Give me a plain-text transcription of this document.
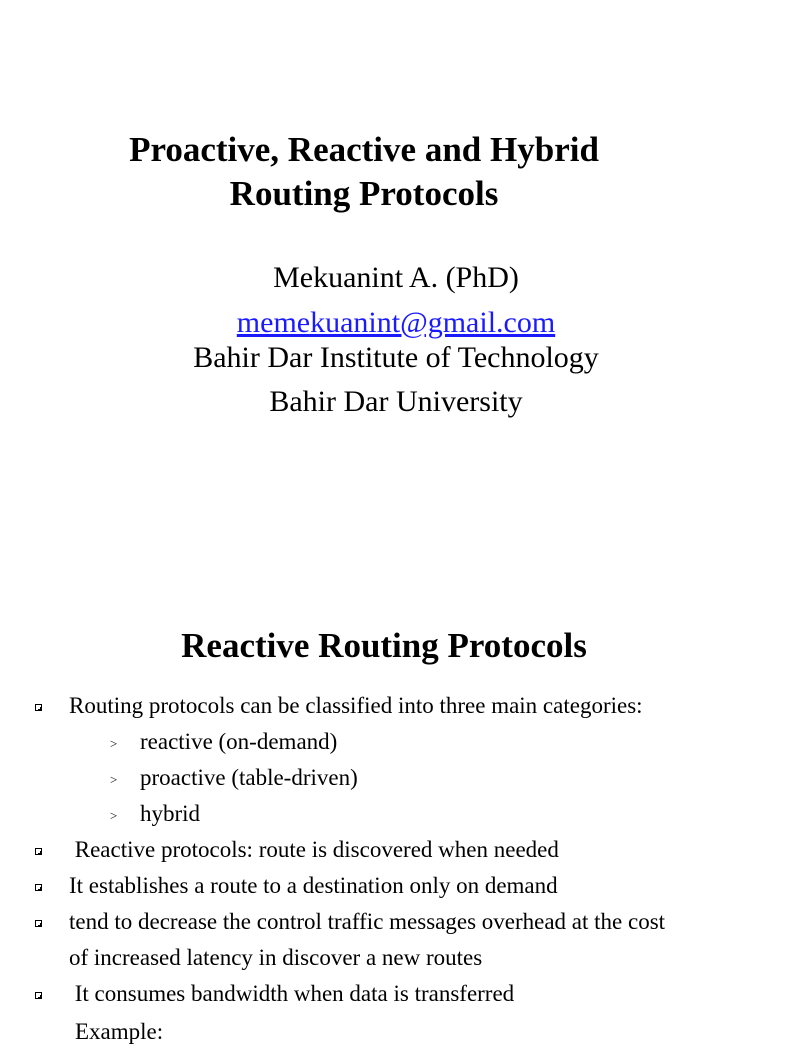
Proactive, Reactive and Hybrid
Routing Protocols
Mekuanint A. (PhD)
memekuanint@gmail.com
Bahir Dar Institute of Technology
Bahir Dar University
Reactive Routing Protocols
Routing protocols can be classified into three main categories:
> reactive (on-demand)
> proactive (table-driven)
> hybrid
Reactive protocols: route is discovered when needed
It establishes a route to a destination only on demand
tend to decrease the control traffic messages overhead at the cost
of increased latency in discover a new routes
It consumes bandwidth when data is transferred
Example:
